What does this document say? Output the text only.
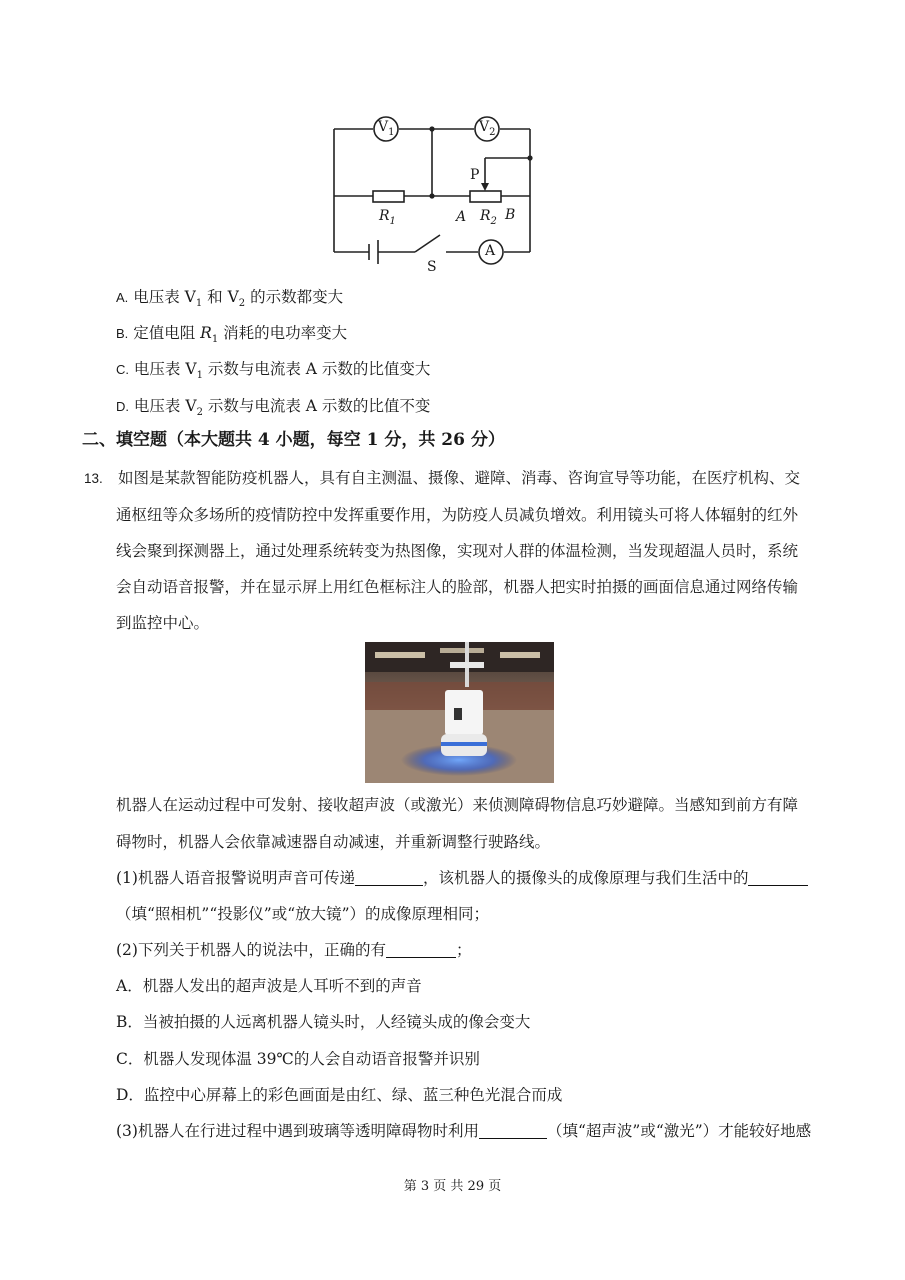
$V_1$	$V_2$
A
P
$R_1$	A $R_2$ B
S
A. 电压表 $V_1$ 和 $V_2$ 的示数都变大
B. 定值电阻 $R_1$ 消耗的电功率变大
C. 电压表 $V_1$ 示数与电流表 A 示数的比值变大
D. 电压表 $V_2$ 示数与电流表 A 示数的比值不变
二、填空题（本大题共 4 小题，每空 1 分，共 26 分）
13. 如图是某款智能防疫机器人，具有自主测温、摄像、避障、消毒、咨询宣导等功能，在医疗机构、交
通枢纽等众多场所的疫情防控中发挥重要作用，为防疫人员减负增效。利用镜头可将人体辐射的红外
线会聚到探测器上，通过处理系统转变为热图像，实现对人群的体温检测，当发现超温人员时，系统
会自动语音报警，并在显示屏上用红色框标注人的脸部，机器人把实时拍摄的画面信息通过网络传输
到监控中心。
机器人在运动过程中可发射、接收超声波（或激光）来侦测障碍物信息巧妙避障。当感知到前方有障
碍物时，机器人会依靠减速器自动减速，并重新调整行驶路线。
(1)机器人语音报警说明声音可传递	，该机器人的摄像头的成像原理与我们生活中的
（填“照相机”“投影仪”或“放大镜”）的成像原理相同；
(2)下列关于机器人的说法中，正确的有	；
A．机器人发出的超声波是人耳听不到的声音
B．当被拍摄的人远离机器人镜头时，人经镜头成的像会变大
C．机器人发现体温 39℃的人会自动语音报警并识别
D．监控中心屏幕上的彩色画面是由红、绿、蓝三种色光混合而成
(3)机器人在行进过程中遇到玻璃等透明障碍物时利用	（填“超声波”或“激光”）才能较好地感
第 3 页 共 29 页
